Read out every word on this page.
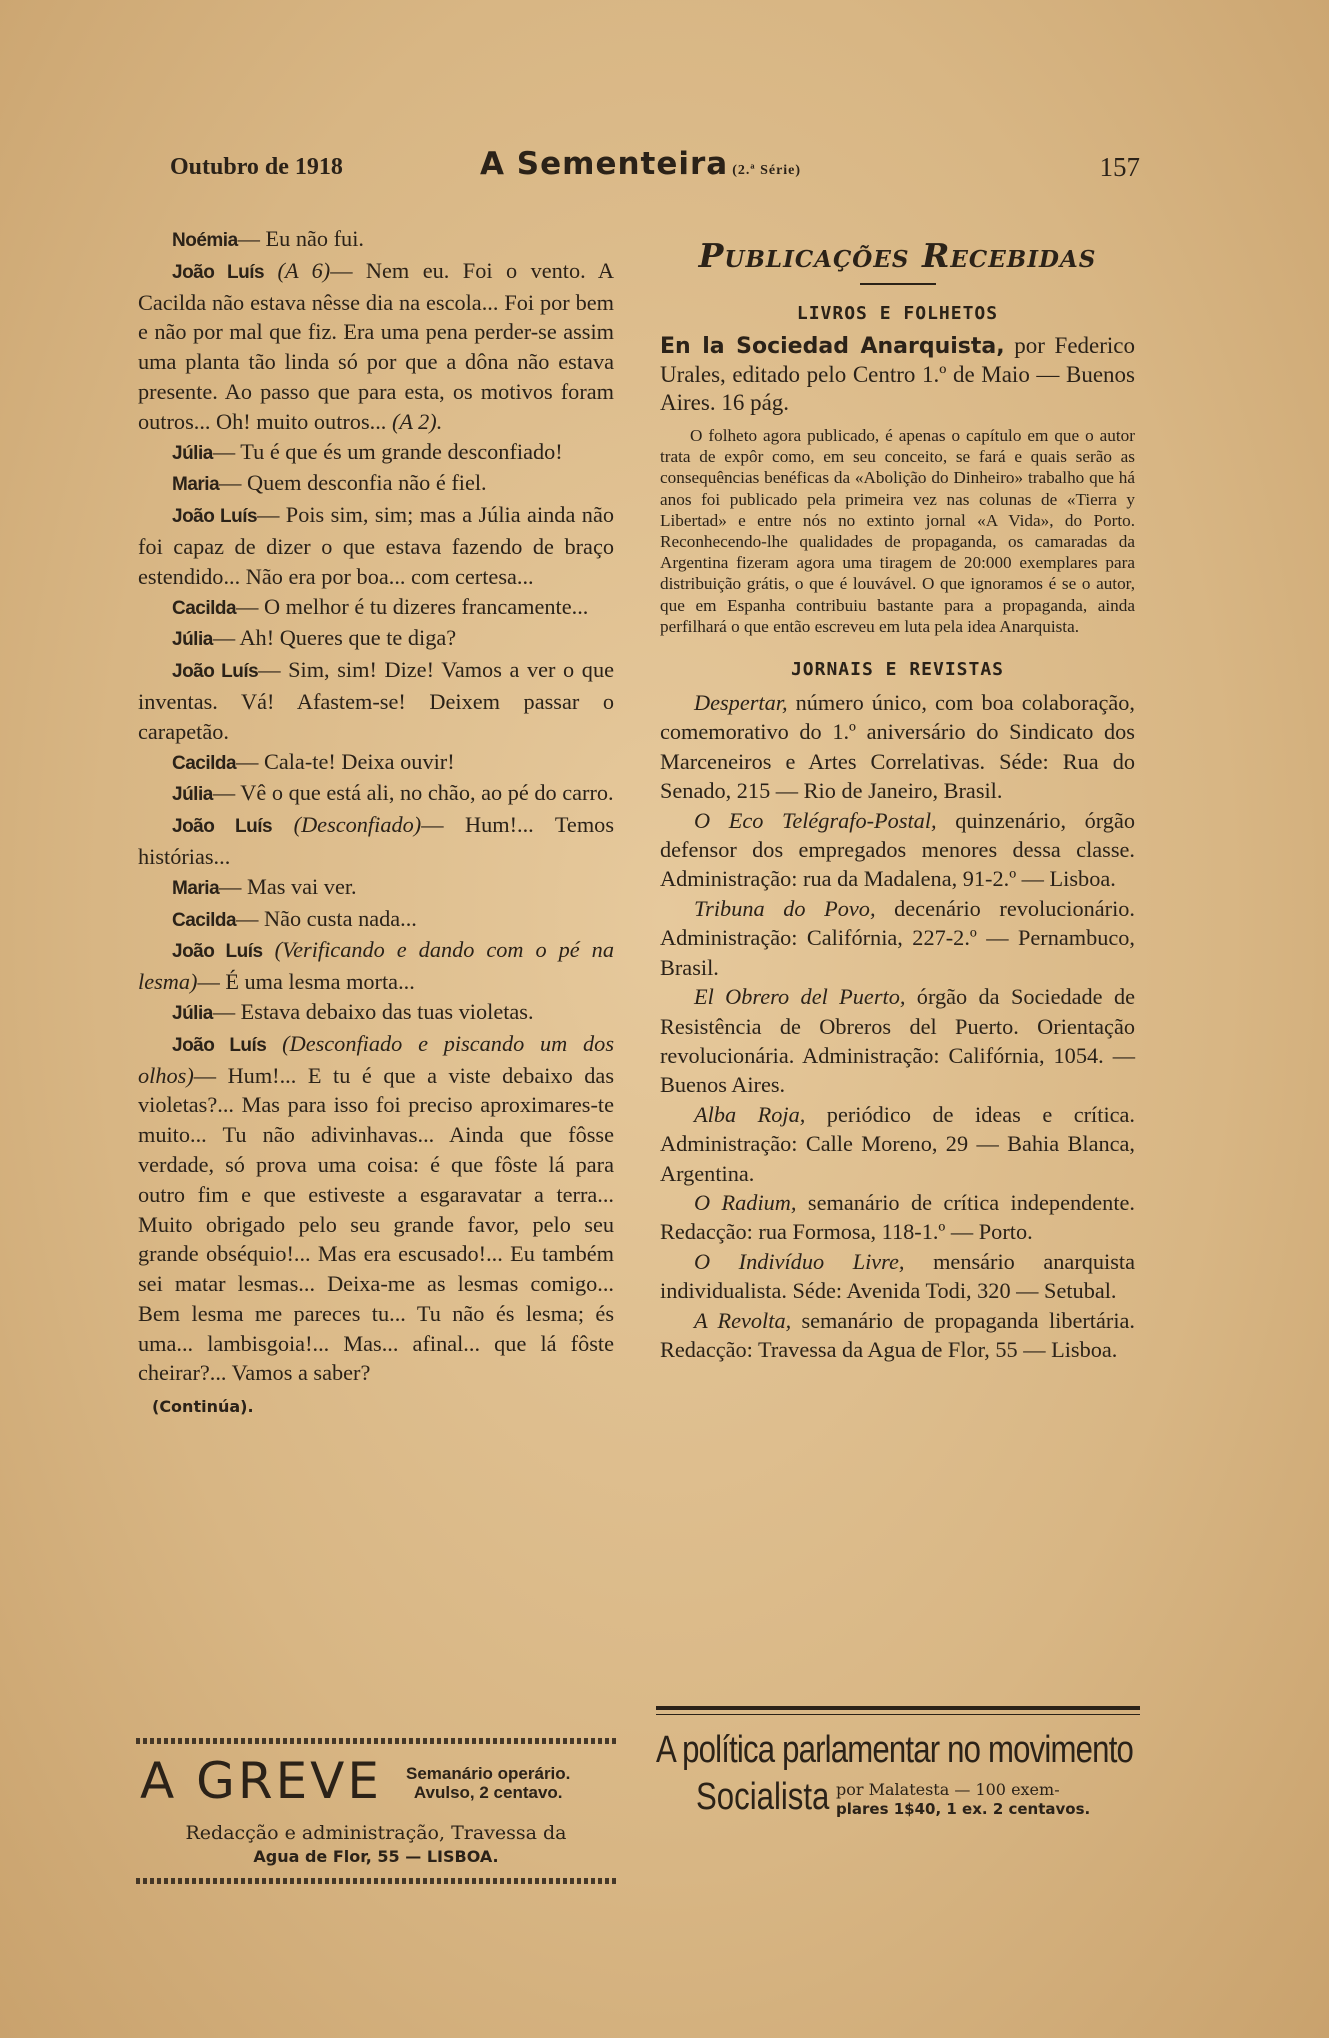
Outubro de 1918	A Sementeira (2.ª Série)	157

Noémia— Eu não fui.

João Luís (A 6)— Nem eu. Foi o vento. A Cacilda não estava nêsse dia na escola... Foi por bem e não por mal que fiz. Era uma pena perder-se assim uma planta tão linda só por que a dôna não estava presente. Ao passo que para esta, os motivos foram outros... Oh! muito outros... (A 2).

Júlia— Tu é que és um grande desconfiado!

Maria— Quem desconfia não é fiel.

João Luís— Pois sim, sim; mas a Júlia ainda não foi capaz de dizer o que estava fazendo de braço estendido... Não era por boa... com certesa...

Cacilda— O melhor é tu dizeres francamente...

Júlia— Ah! Queres que te diga?

João Luís— Sim, sim! Dize! Vamos a ver o que inventas. Vá! Afastem-se! Deixem passar o carapetão.

Cacilda— Cala-te! Deixa ouvir!

Júlia— Vê o que está ali, no chão, ao pé do carro.

João Luís (Desconfiado)— Hum!... Temos histórias...

Maria— Mas vai ver.

Cacilda— Não custa nada...

João Luís (Verificando e dando com o pé na lesma)— É uma lesma morta...

Júlia— Estava debaixo das tuas violetas.

João Luís (Desconfiado e piscando um dos olhos)— Hum!... E tu é que a viste debaixo das violetas?... Mas para isso foi preciso aproximares-te muito... Tu não adivinhavas... Ainda que fôsse verdade, só prova uma coisa: é que fôste lá para outro fim e que estiveste a esgaravatar a terra... Muito obrigado pelo seu grande favor, pelo seu grande obséquio!... Mas era escusado!... Eu também sei matar lesmas... Deixa-me as lesmas comigo... Bem lesma me pareces tu... Tu não és lesma; és uma... lambisgoia!... Mas... afinal... que lá fôste cheirar?... Vamos a saber?

(Continúa).

Publicações Recebidas

LIVROS E FOLHETOS

En la Sociedad Anarquista, por Federico Urales, editado pelo Centro 1.º de Maio — Buenos Aires. 16 pág.

O folheto agora publicado, é apenas o capítulo em que o autor trata de expôr como, em seu conceito, se fará e quais serão as consequências benéficas da «Abolição do Dinheiro» trabalho que há anos foi publicado pela primeira vez nas colunas de «Tierra y Libertad» e entre nós no extinto jornal «A Vida», do Porto. Reconhecendo-lhe qualidades de propaganda, os camaradas da Argentina fizeram agora uma tiragem de 20:000 exemplares para distribuição grátis, o que é louvável. O que ignoramos é se o autor, que em Espanha contribuiu bastante para a propaganda, ainda perfilhará o que então escreveu em luta pela idea Anarquista.

JORNAIS E REVISTAS

Despertar, número único, com boa colaboração, comemorativo do 1.º aniversário do Sindicato dos Marceneiros e Artes Correlativas. Séde: Rua do Senado, 215 — Rio de Janeiro, Brasil.

O Eco Telégrafo-Postal, quinzenário, órgão defensor dos empregados menores dessa classe. Administração: rua da Madalena, 91-2.º — Lisboa.

Tribuna do Povo, decenário revolucionário. Administração: Califórnia, 227-2.º — Pernambuco, Brasil.

El Obrero del Puerto, órgão da Sociedade de Resistência de Obreros del Puerto. Orientação revolucionária. Administração: Califórnia, 1054. — Buenos Aires.

Alba Roja, periódico de ideas e crítica. Administração: Calle Moreno, 29 — Bahia Blanca, Argentina.

O Radium, semanário de crítica independente. Redacção: rua Formosa, 118-1.º — Porto.

O Indivíduo Livre, mensário anarquista individualista. Séde: Avenida Todi, 320 — Setubal.

A Revolta, semanário de propaganda libertária. Redacção: Travessa da Agua de Flor, 55 — Lisboa.

A GREVE Semanário operário.
Avulso, 2 centavo.
Redacção e administração, Travessa da
Agua de Flor, 55 — LISBOA.
A política parlamentar no movimento
Socialista por Malatesta — 100 exem-
plares 1$40, 1 ex. 2 centavos.
